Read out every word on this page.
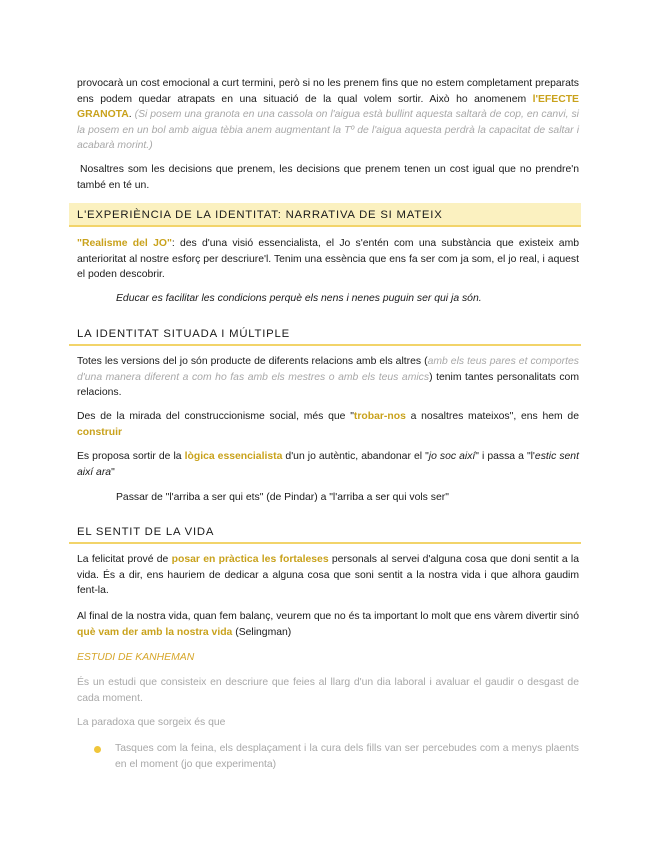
provocarà un cost emocional a curt termini, però si no les prenem fins que no estem completament preparats ens podem quedar atrapats en una situació de la qual volem sortir. Això ho anomenem l'EFECTE GRANOTA. (Si posem una granota en una cassola on l'aigua està bullint aquesta saltarà de cop, en canvi, si la posem en un bol amb aigua tèbia anem augmentant la Tº de l'aigua aquesta perdrà la capacitat de saltar i acabarà morint.)

Nosaltres som les decisions que prenem, les decisions que prenem tenen un cost igual que no prendre'n també en té un.

L'EXPERIÈNCIA DE LA IDENTITAT: NARRATIVA DE SI MATEIX

"Realisme del JO": des d'una visió essencialista, el Jo s'entén com una substància que existeix amb anterioritat al nostre esforç per descriure'l. Tenim una essència que ens fa ser com ja som, el jo real, i aquest el poden descobrir.

Educar es facilitar les condicions perquè els nens i nenes puguin ser qui ja són.

LA IDENTITAT SITUADA I MÚLTIPLE

Totes les versions del jo són producte de diferents relacions amb els altres (amb els teus pares et comportes d'una manera diferent a com ho fas amb els mestres o amb els teus amics) tenim tantes personalitats com relacions.

Des de la mirada del construccionisme social, més que "trobar-nos a nosaltres mateixos", ens hem de construir

Es proposa sortir de la lògica essencialista d'un jo autèntic, abandonar el "jo soc així" i passa a "l'estic sent així ara"

Passar de "l'arriba a ser qui ets" (de Pindar) a "l'arriba a ser qui vols ser"

EL SENTIT DE LA VIDA

La felicitat prové de posar en pràctica les fortaleses personals al servei d'alguna cosa que doni sentit a la vida. És a dir, ens hauriem de dedicar a alguna cosa que soni sentit a la nostra vida i que alhora gaudim fent-la.

Al final de la nostra vida, quan fem balanç, veurem que no és ta important lo molt que ens vàrem divertir sinó què vam der amb la nostra vida (Selingman)

ESTUDI DE KANHEMAN

És un estudi que consisteix en descriure que feies al llarg d'un dia laboral i avaluar el gaudir o desgast de cada moment.

La paradoxa que sorgeix és que

Tasques com la feina, els desplaçament i la cura dels fills van ser percebudes com a menys plaents en el moment (jo que experimenta)
